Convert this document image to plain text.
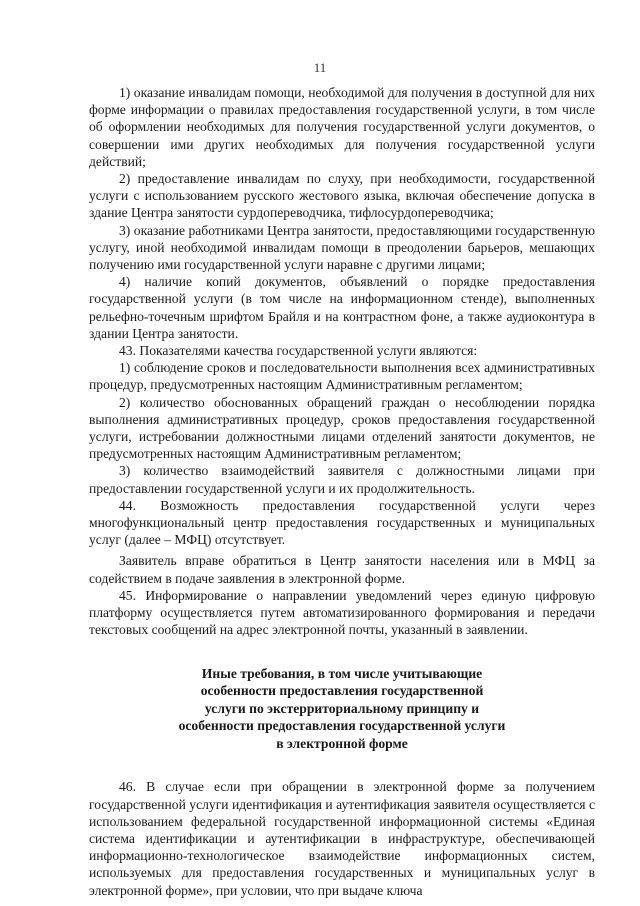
11

1) оказание инвалидам помощи, необходимой для получения в доступной для них форме информации о правилах предоставления государственной услуги, в том числе об оформлении необходимых для получения государственной услуги документов, о совершении ими других необходимых для получения государственной услуги действий;

2) предоставление инвалидам по слуху, при необходимости, государственной услуги с использованием русского жестового языка, включая обеспечение допуска в здание Центра занятости сурдопереводчика, тифлосурдопереводчика;

3) оказание работниками Центра занятости, предоставляющими государственную услугу, иной необходимой инвалидам помощи в преодолении барьеров, мешающих получению ими государственной услуги наравне с другими лицами;

4) наличие копий документов, объявлений о порядке предоставления государственной услуги (в том числе на информационном стенде), выполненных рельефно-точечным шрифтом Брайля и на контрастном фоне, а также аудиоконтура в здании Центра занятости.

43. Показателями качества государственной услуги являются:

1) соблюдение сроков и последовательности выполнения всех административных процедур, предусмотренных настоящим Административным регламентом;

2) количество обоснованных обращений граждан о несоблюдении порядка выполнения административных процедур, сроков предоставления государственной услуги, истребовании должностными лицами отделений занятости документов, не предусмотренных настоящим Административным регламентом;

3) количество взаимодействий заявителя с должностными лицами при предоставлении государственной услуги и их продолжительность.

44. Возможность предоставления государственной услуги через многофункциональный центр предоставления государственных и муниципальных услуг (далее – МФЦ) отсутствует.

Заявитель вправе обратиться в Центр занятости населения или в МФЦ за содействием в подаче заявления в электронной форме.

45. Информирование о направлении уведомлений через единую цифровую платформу осуществляется путем автоматизированного формирования и передачи текстовых сообщений на адрес электронной почты, указанный в заявлении.

Иные требования, в том числе учитывающие
особенности предоставления государственной
услуги по экстерриториальному принципу и
особенности предоставления государственной услуги
в электронной форме

46. В случае если при обращении в электронной форме за получением государственной услуги идентификация и аутентификация заявителя осуществляется с использованием федеральной государственной информационной системы «Единая система идентификации и аутентификации в инфраструктуре, обеспечивающей информационно-технологическое взаимодействие информационных систем, используемых для предоставления государственных и муниципальных услуг в электронной форме», при условии, что при выдаче ключа
